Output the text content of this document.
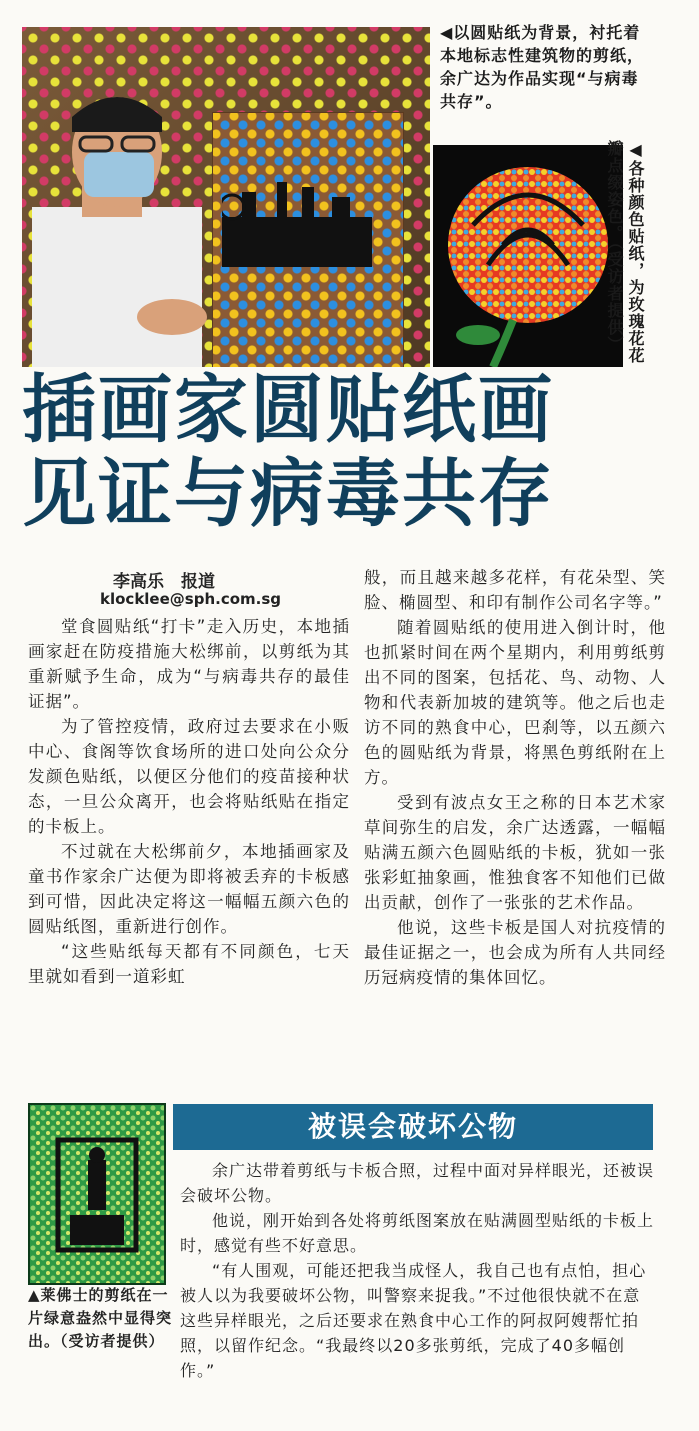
◀以圆贴纸为背景，衬托着本地标志性建筑物的剪纸，余广达为作品实现“与病毒共存”。
◀各种颜色贴纸，为玫瑰花花瓣点缀姿色。（受访者提供）
插画家圆贴纸画
见证与病毒共存
李高乐　报道
klocklee@sph.com.sg

堂食圆贴纸“打卡”走入历史，本地插画家赶在防疫措施大松绑前，以剪纸为其重新赋予生命，成为“与病毒共存的最佳证据”。

为了管控疫情，政府过去要求在小贩中心、食阁等饮食场所的进口处向公众分发颜色贴纸，以便区分他们的疫苗接种状态，一旦公众离开，也会将贴纸贴在指定的卡板上。

不过就在大松绑前夕，本地插画家及童书作家余广达便为即将被丢弃的卡板感到可惜，因此决定将这一幅幅五颜六色的圆贴纸图，重新进行创作。

“这些贴纸每天都有不同颜色，七天里就如看到一道彩虹

般，而且越来越多花样，有花朵型、笑脸、椭圆型、和印有制作公司名字等。”

随着圆贴纸的使用进入倒计时，他也抓紧时间在两个星期内，利用剪纸剪出不同的图案，包括花、鸟、动物、人物和代表新加坡的建筑等。他之后也走访不同的熟食中心，巴刹等，以五颜六色的圆贴纸为背景，将黑色剪纸附在上方。

受到有波点女王之称的日本艺术家草间弥生的启发，余广达透露，一幅幅贴满五颜六色圆贴纸的卡板，犹如一张张彩虹抽象画，惟独食客不知他们已做出贡献，创作了一张张的艺术作品。

他说，这些卡板是国人对抗疫情的最佳证据之一，也会成为所有人共同经历冠病疫情的集体回忆。

▲莱佛士的剪纸在一片绿意盎然中显得突出。（受访者提供）
被误会破坏公物

余广达带着剪纸与卡板合照，过程中面对异样眼光，还被误会破坏公物。

他说，刚开始到各处将剪纸图案放在贴满圆型贴纸的卡板上时，感觉有些不好意思。

“有人围观，可能还把我当成怪人，我自己也有点怕，担心被人以为我要破坏公物，叫警察来捉我。”不过他很快就不在意这些异样眼光，之后还要求在熟食中心工作的阿叔阿嫂帮忙拍照，以留作纪念。“我最终以20多张剪纸，完成了40多幅创作。”
